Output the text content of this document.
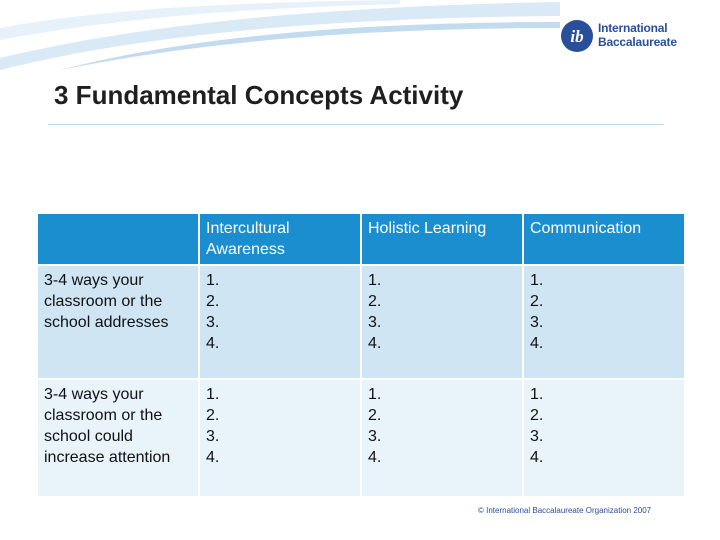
ib International
Baccalaureate
3 Fundamental Concepts Activity
	Intercultural Awareness	Holistic Learning	Communication
3-4 ways your classroom or the school addresses	1.
2.
3.
4.	1.
2.
3.
4.	1.
2.
3.
4.

3-4 ways your classroom or the school could increase attention	1.
2.
3.
4.	1.
2.
3.
4.	1.
2.
3.
4.
© International Baccalaureate Organization 2007
